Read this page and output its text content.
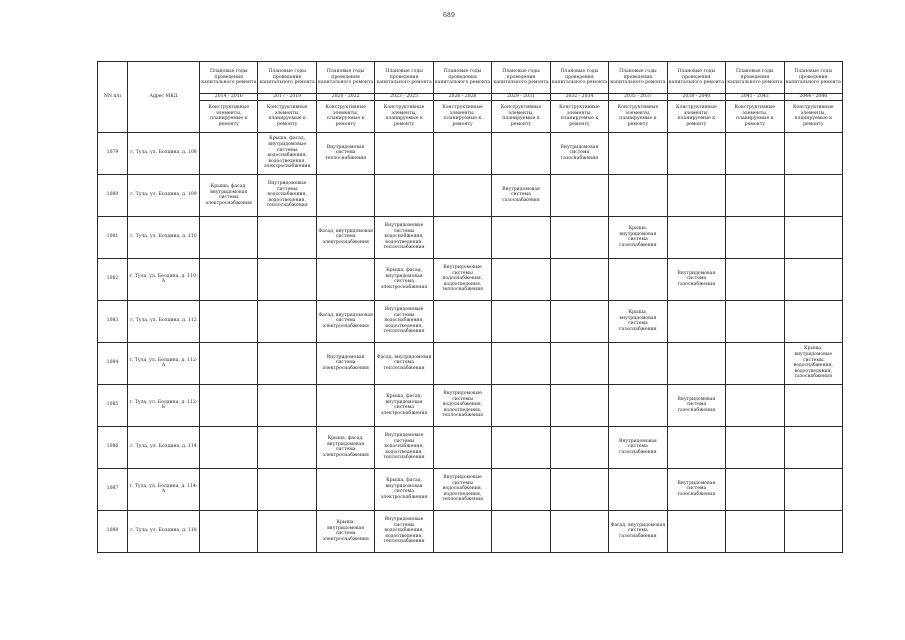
689
NN п/п	Адрес МКД	Плановые годы проведения капитального ремонта	Плановые годы проведения капитального ремонта	Плановые годы проведения капитального ремонта	Плановые годы проведения капитального ремонта	Плановые годы проведения капитального ремонта	Плановые годы проведения капитального ремонта	Плановые годы проведения капитального ремонта	Плановые годы проведения капитального ремонта	Плановые годы проведения капитального ремонта	Плановые годы проведения капитального ремонта	Плановые годы проведения капитального ремонта
		2014 - 2016	2017 - 2019	2020 - 2022	2023 - 2025	2026 - 2028	2029 - 2031	2032 - 2034	2035 - 2037	2038 - 2040	2041 - 2043	2044 - 2046
		Конструктивные элементы, планируемые к ремонту	Конструктивные элементы, планируемые к ремонту	Конструктивные элементы, планируемые к ремонту	Конструктивные элементы, планируемые к ремонту	Конструктивные элементы, планируемые к ремонту	Конструктивные элементы, планируемые к ремонту	Конструктивные элементы, планируемые к ремонту	Конструктивные элементы, планируемые к ремонту	Конструктивные элементы, планируемые к ремонту	Конструктивные элементы, планируемые к ремонту	Конструктивные элементы, планируемые к ремонту
1079	г. Тула, ул. Болдина, д. 108		Крыша, фасад, внутридомовые системы водоснабжения, водоотведения, электроснабжения	Внутридомовая система теплоснабжения				Внутридомовая система газоснабжения				
1080	г. Тула, ул. Болдина, д. 109	Крыша, фасад, внутридомовая система электроснабжения	Внутридомовые системы водоснабжения, водоотведения, теплоснабжения				Внутридомовая система газоснабжения					
1081	г. Тула, ул. Болдина, д. 110			Фасад, внутридомовая система электроснабжения	Внутридомовые системы водоснабжения, водоотведения, теплоснабжения				Крыша, внутридомовая система газоснабжения			
1082	г. Тула, ул. Болдина, д. 110-А				Крыша, фасад, внутридомовая система электроснабжения	Внутридомовые системы водоснабжения, водоотведения, теплоснабжения				Внутридомовая система газоснабжения		
1083	г. Тула, ул. Болдина, д. 112			Фасад, внутридомовая система электроснабжения	Внутридомовые системы водоснабжения, водоотведения, теплоснабжения				Крыша, внутридомовая система газоснабжения			
1084	г. Тула, ул. Болдина, д. 112-А			Внутридомовая система электроснабжения	Фасад, внутридомовая система теплоснабжения							Крыша, внутридомовые системы водоснабжения, водоотведения, газоснабжения
1085	г. Тула, ул. Болдина, д. 112-Б				Крыша, фасад, внутридомовая система электроснабжения	Внутридомовые системы водоснабжения, водоотведения, теплоснабжения				Внутридомовая система газоснабжения		
1086	г. Тула, ул. Болдина, д. 114			Крыша, фасад, внутридомовая система электроснабжения	Внутридомовые системы водоснабжения, водоотведения, теплоснабжения				Внутридомовая система газоснабжения			
1087	г. Тула, ул. Болдина, д. 114-А				Крыша, фасад, внутридомовая система электроснабжения	Внутридомовые системы водоснабжения, водоотведения, теплоснабжения				Внутридомовая система газоснабжения		
1088	г. Тула, ул. Болдина, д. 118			Крыша, внутридомовая система электроснабжения	Внутридомовые системы водоснабжения, водоотведения, теплоснабжения				Фасад, внутридомовая система газоснабжения			
